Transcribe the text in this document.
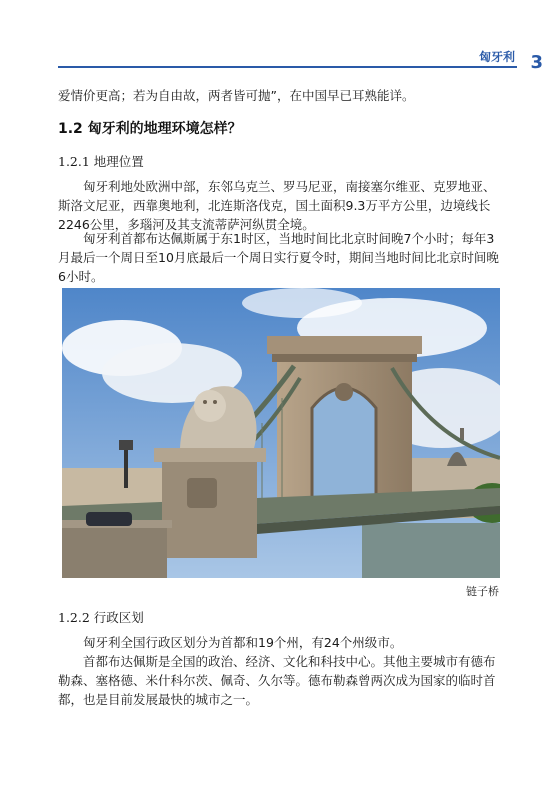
匈牙利 3

爱情价更高；若为自由故，两者皆可抛”，在中国早已耳熟能详。

1.2 匈牙利的地理环境怎样？
1.2.1 地理位置

匈牙利地处欧洲中部，东邻乌克兰、罗马尼亚，南接塞尔维亚、克罗地亚、斯洛文尼亚，西靠奥地利，北连斯洛伐克，国土面积9.3万平方公里，边境线长2246公里，多瑙河及其支流蒂萨河纵贯全境。

匈牙利首都布达佩斯属于东1时区，当地时间比北京时间晚7个小时；每年3月最后一个周日至10月底最后一个周日实行夏令时，期间当地时间比北京时间晚6小时。

链子桥
1.2.2 行政区划

匈牙利全国行政区划分为首都和19个州，有24个州级市。

首都布达佩斯是全国的政治、经济、文化和科技中心。其他主要城市有德布勒森、塞格德、米什科尔茨、佩奇、久尔等。德布勒森曾两次成为国家的临时首都，也是目前发展最快的城市之一。
